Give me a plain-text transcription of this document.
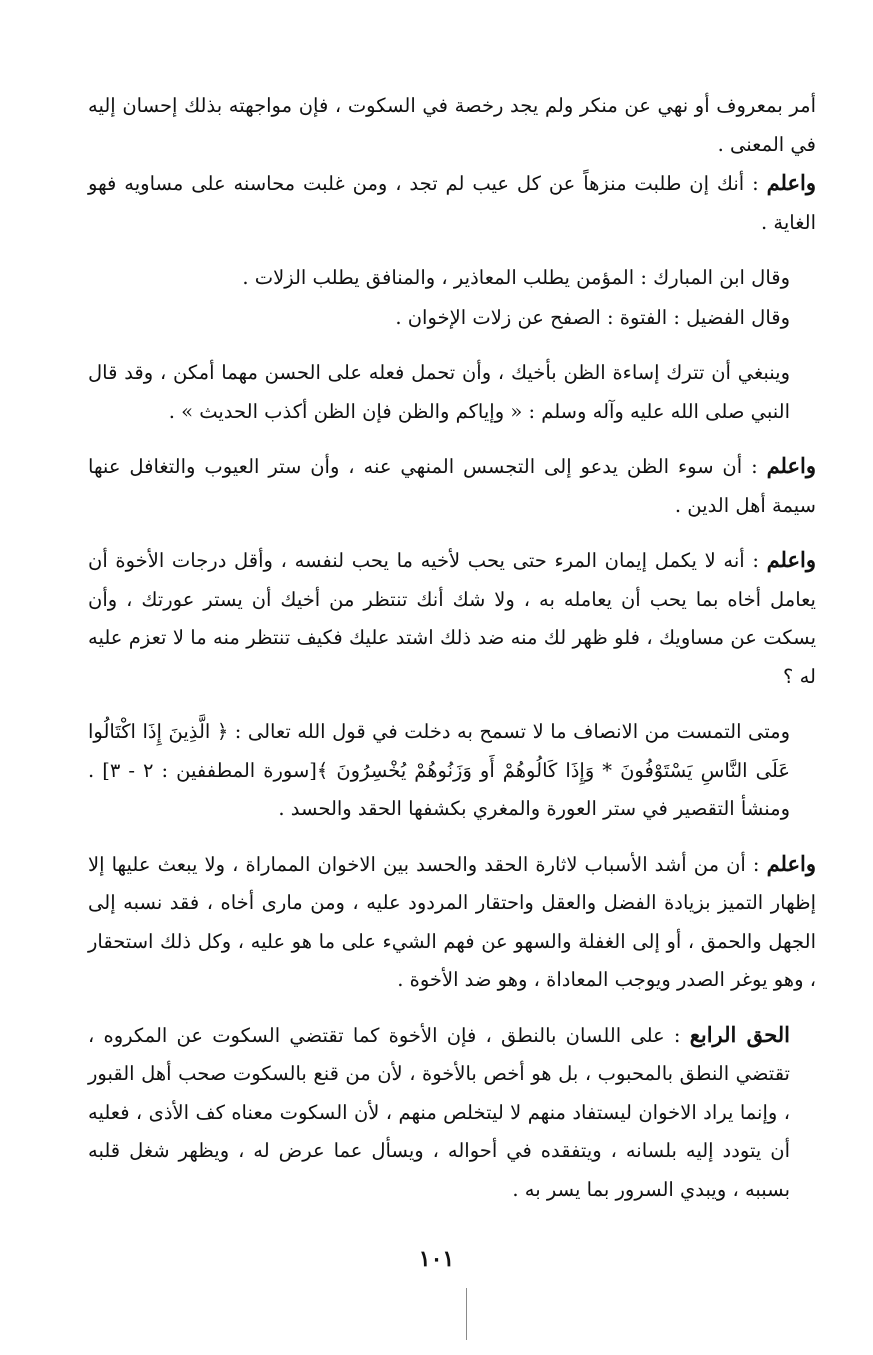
أمر بمعروف أو نهي عن منكر ولم يجد رخصة في السكوت ، فإن مواجهته بذلك إحسان إليه في المعنى .

واعلم : أنك إن طلبت منزهاً عن كل عيب لم تجد ، ومن غلبت محاسنه على مساويه فهو الغاية .

وقال ابن المبارك : المؤمن يطلب المعاذير ، والمنافق يطلب الزلات .

وقال الفضيل : الفتوة : الصفح عن زلات الإخوان .

وينبغي أن تترك إساءة الظن بأخيك ، وأن تحمل فعله على الحسن مهما أمكن ، وقد قال النبي صلى الله عليه وآله وسلم : « وإياكم والظن فإن الظن أكذب الحديث » .

واعلم : أن سوء الظن يدعو إلى التجسس المنهي عنه ، وأن ستر العيوب والتغافل عنها سيمة أهل الدين .

واعلم : أنه لا يكمل إيمان المرء حتى يحب لأخيه ما يحب لنفسه ، وأقل درجات الأخوة أن يعامل أخاه بما يحب أن يعامله به ، ولا شك أنك تنتظر من أخيك أن يستر عورتك ، وأن يسكت عن مساويك ، فلو ظهر لك منه ضد ذلك اشتد عليك فكيف تنتظر منه ما لا تعزم عليه له ؟

ومتى التمست من الانصاف ما لا تسمح به دخلت في قول الله تعالى : ﴿ الَّذِينَ إِذَا اكْتَالُوا عَلَى النَّاسِ يَسْتَوْفُونَ * وَإِذَا كَالُوهُمْ أَو وَزَنُوهُمْ يُخْسِرُونَ ﴾[سورة المطففين : ٢ - ٣] . ومنشأ التقصير في ستر العورة والمغري بكشفها الحقد والحسد .

واعلم : أن من أشد الأسباب لاثارة الحقد والحسد بين الاخوان المماراة ، ولا يبعث عليها إلا إظهار التميز بزيادة الفضل والعقل واحتقار المردود عليه ، ومن مارى أخاه ، فقد نسبه إلى الجهل والحمق ، أو إلى الغفلة والسهو عن فهم الشيء على ما هو عليه ، وكل ذلك استحقار ، وهو يوغر الصدر ويوجب المعاداة ، وهو ضد الأخوة .

الحق الرابع : على اللسان بالنطق ، فإن الأخوة كما تقتضي السكوت عن المكروه ، تقتضي النطق بالمحبوب ، بل هو أخص بالأخوة ، لأن من قنع بالسكوت صحب أهل القبور ، وإنما يراد الاخوان ليستفاد منهم لا ليتخلص منهم ، لأن السكوت معناه كف الأذى ، فعليه أن يتودد إليه بلسانه ، ويتفقده في أحواله ، ويسأل عما عرض له ، ويظهر شغل قلبه بسببه ، ويبدي السرور بما يسر به .

١٠١
